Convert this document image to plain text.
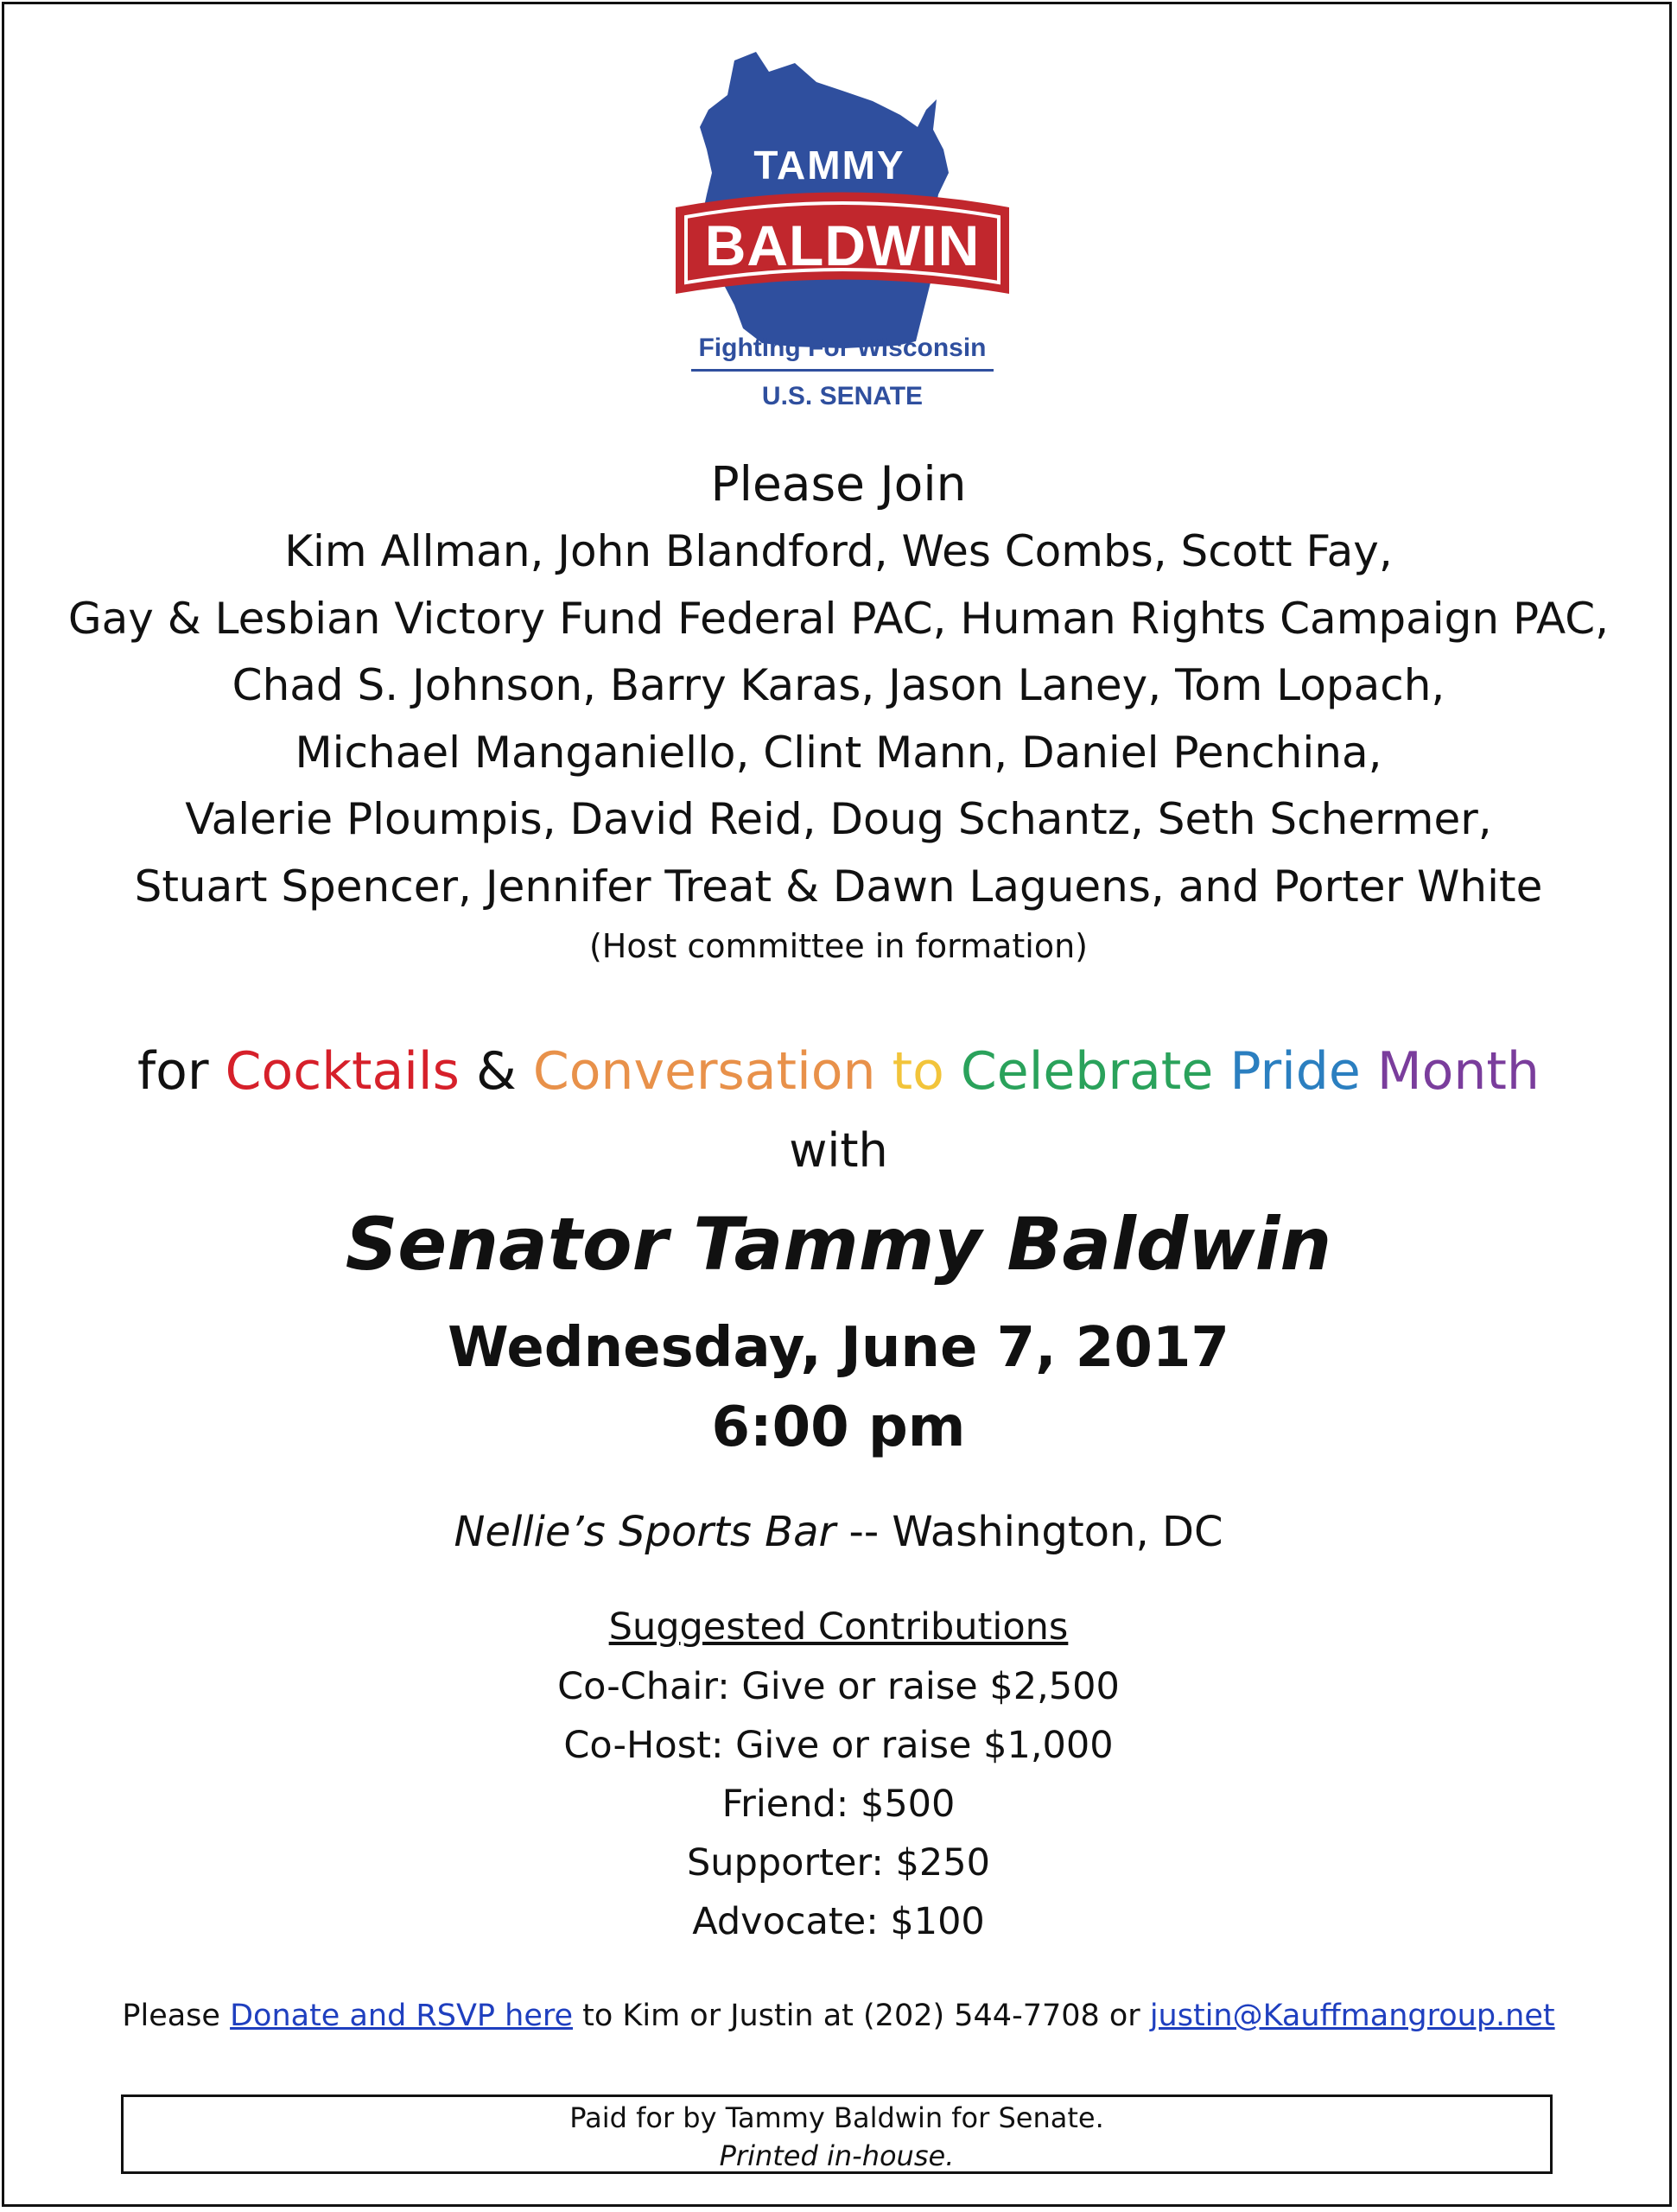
TAMMY
BALDWIN
Fighting For Wisconsin
U.S. SENATE
Please Join
Kim Allman, John Blandford, Wes Combs, Scott Fay,
Gay & Lesbian Victory Fund Federal PAC, Human Rights Campaign PAC,
Chad S. Johnson, Barry Karas, Jason Laney, Tom Lopach,
Michael Manganiello, Clint Mann, Daniel Penchina,
Valerie Ploumpis, David Reid, Doug Schantz, Seth Schermer,
Stuart Spencer, Jennifer Treat & Dawn Laguens, and Porter White
(Host committee in formation)
for Cocktails & Conversation to Celebrate Pride Month
with
Senator Tammy Baldwin
Wednesday, June 7, 2017
6:00 pm
Nellie’s Sports Bar -- Washington, DC
Suggested Contributions
Co-Chair: Give or raise $2,500
Co-Host: Give or raise $1,000
Friend: $500
Supporter: $250
Advocate: $100
Please Donate and RSVP here to Kim or Justin at (202) 544-7708 or justin@Kauffmangroup.net
Paid for by Tammy Baldwin for Senate.
Printed in-house.
